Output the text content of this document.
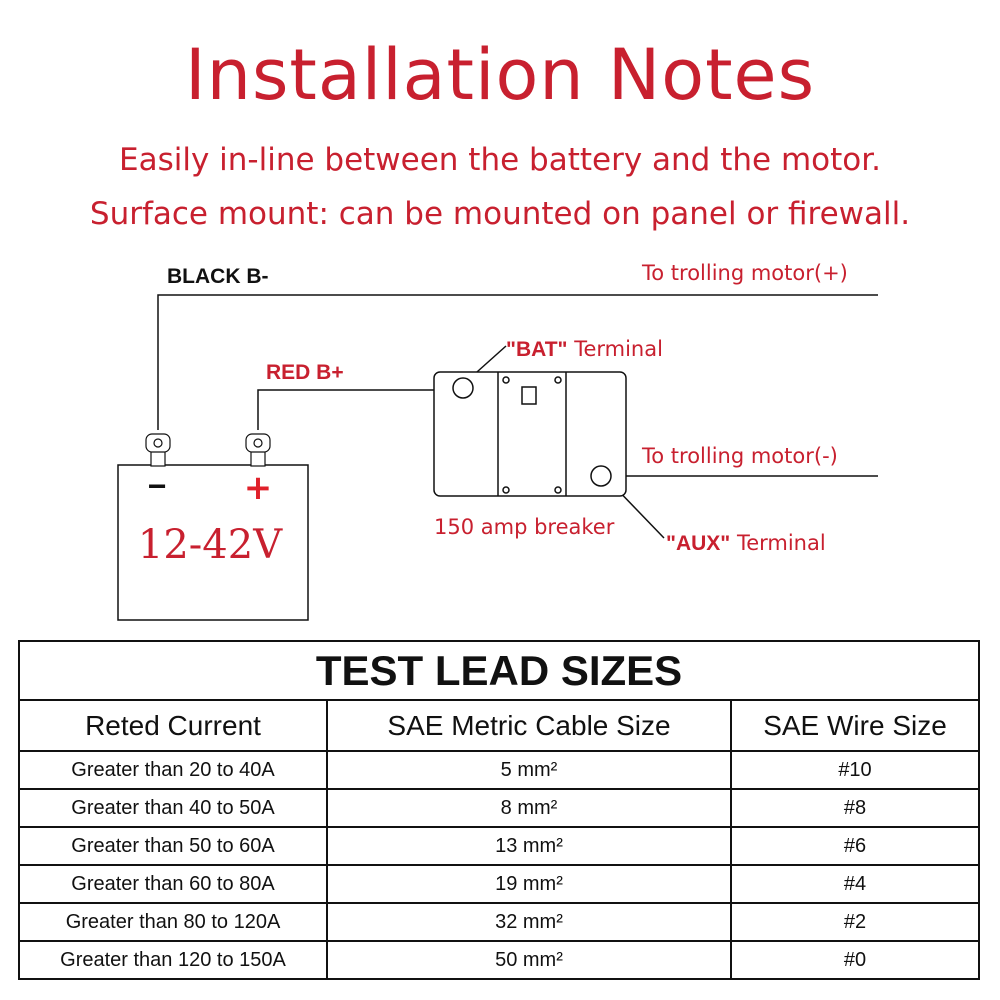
Installation Notes
Easily in-line between the battery and the motor.
Surface mount: can be mounted on panel or firewall.
− +
12-42V
BLACK B-
RED B+
To trolling motor(+)
To trolling motor(-)
"BAT" Terminal
"AUX" Terminal
150 amp breaker
TEST LEAD SIZES		
Reted Current	SAE Metric Cable Size	SAE Wire Size
Greater than 20 to 40A	5 mm²	#10
Greater than 40 to 50A	8 mm²	#8
Greater than 50 to 60A	13 mm²	#6
Greater than 60 to 80A	19 mm²	#4
Greater than 80 to 120A	32 mm²	#2
Greater than 120 to 150A	50 mm²	#0
